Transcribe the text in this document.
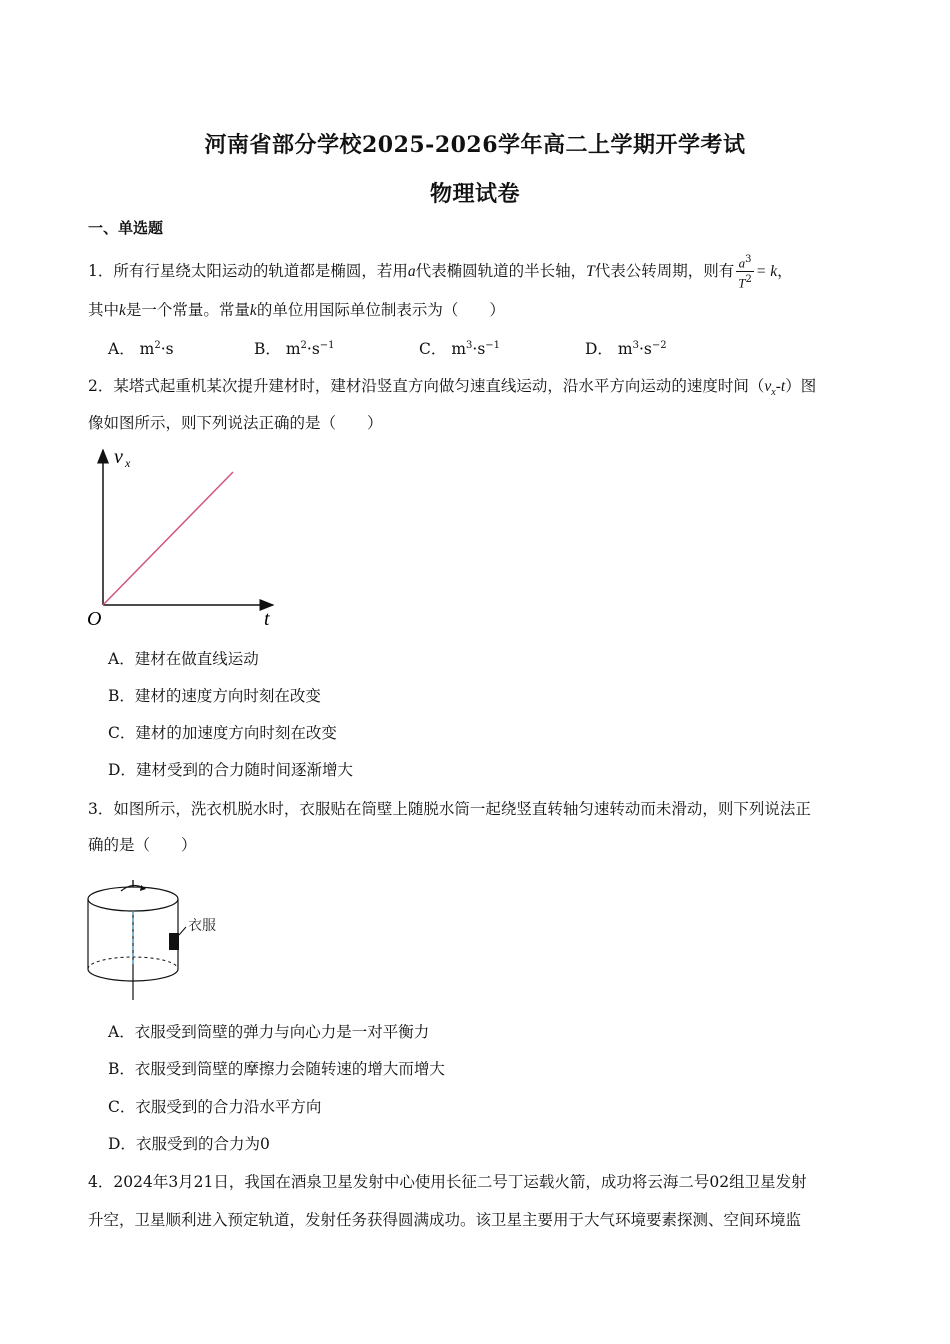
河南省部分学校2025-2026学年高二上学期开学考试
物理试卷
一、单选题
1．所有行星绕太阳运动的轨道都是椭圆，若用a代表椭圆轨道的半长轴，T代表公转周期，则有 $\frac{a^3}{T^2} = k$，
其中k是一个常量。常量k的单位用国际单位制表示为（　　）
A． $m^2\cdot s$	B． $m^2\cdot s^{-1}$	C． $m^3\cdot s^{-1}$	D． $m^3\cdot s^{-2}$
2．某塔式起重机某次提升建材时，建材沿竖直方向做匀速直线运动，沿水平方向运动的速度时间$(v_x-t)$图
像如图所示，则下列说法正确的是（　　）
v x
t
O
A．建材在做直线运动
B．建材的速度方向时刻在改变
C．建材的加速度方向时刻在改变
D．建材受到的合力随时间逐渐增大
3．如图所示，洗衣机脱水时，衣服贴在筒壁上随脱水筒一起绕竖直转轴匀速转动而未滑动，则下列说法正
确的是（　　）
衣服
A．衣服受到筒壁的弹力与向心力是一对平衡力
B．衣服受到筒壁的摩擦力会随转速的增大而增大
C．衣服受到的合力沿水平方向
D．衣服受到的合力为0
4．2024年3月21日，我国在酒泉卫星发射中心使用长征二号丁运载火箭，成功将云海二号02组卫星发射
升空，卫星顺利进入预定轨道，发射任务获得圆满成功。该卫星主要用于大气环境要素探测、空间环境监
